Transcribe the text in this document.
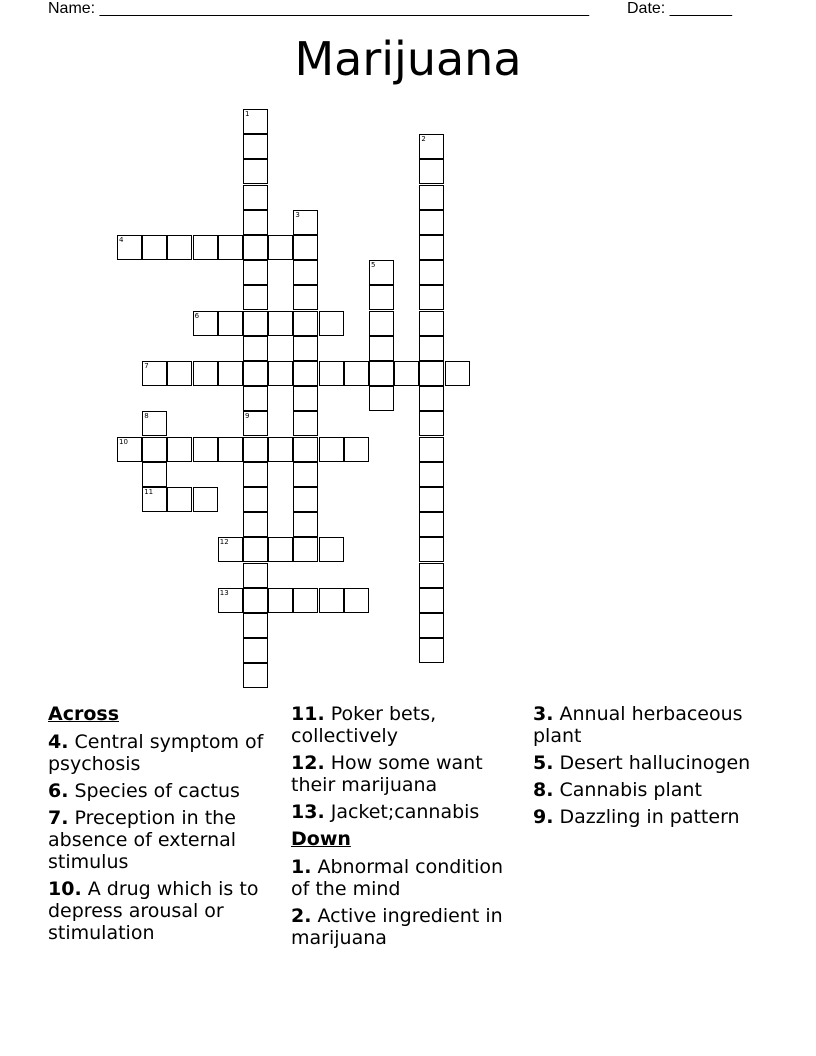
Name: _______________________________________________________ Date: _______
Marijuana
1
9
2
3
4
5
6
7
8
10
11
12
13
Across
4. Central symptom of psychosis
6. Species of cactus
7. Preception in the absence of external stimulus
10. A drug which is to depress arousal or stimulation
11. Poker bets, collectively
12. How some want their marijuana
13. Jacket;cannabis
Down
1. Abnormal condition of the mind
2. Active ingredient in marijuana
3. Annual herbaceous plant
5. Desert hallucinogen
8. Cannabis plant
9. Dazzling in pattern
